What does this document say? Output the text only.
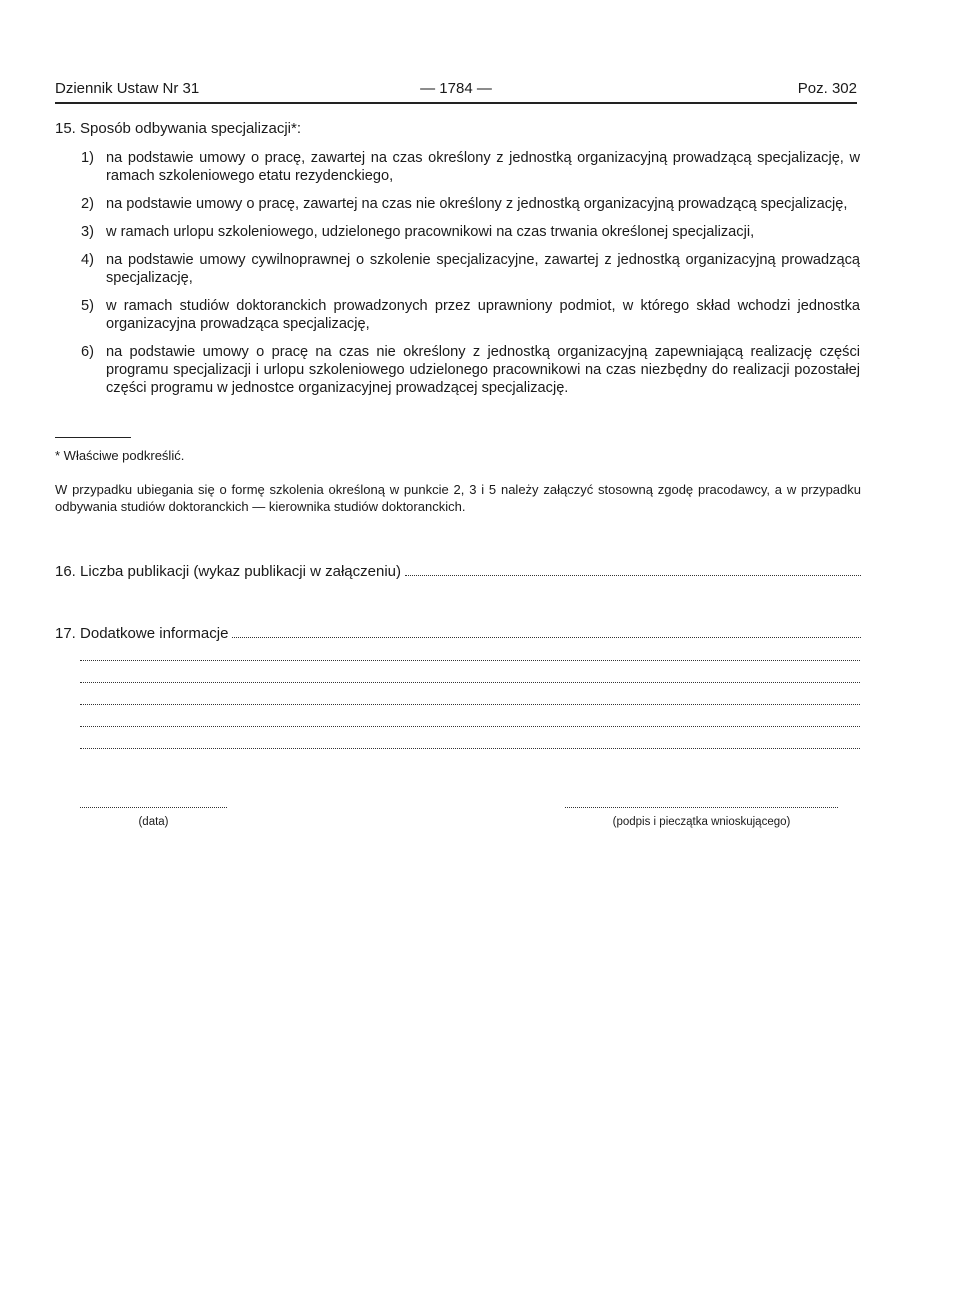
Dziennik Ustaw Nr 31	— 1784 —	Poz. 302
15. Sposób odbywania specjalizacji*:
1) na podstawie umowy o pracę, zawartej na czas określony z jednostką organizacyjną prowadzącą specjalizację, w ramach szkoleniowego etatu rezydenckiego,
2) na podstawie umowy o pracę, zawartej na czas nie określony z jednostką organizacyjną prowadzącą specjalizację,
3) w ramach urlopu szkoleniowego, udzielonego pracownikowi na czas trwania określonej specjalizacji,
4) na podstawie umowy cywilnoprawnej o szkolenie specjalizacyjne, zawartej z jednostką organizacyjną prowadzącą specjalizację,
5) w ramach studiów doktoranckich prowadzonych przez uprawniony podmiot, w którego skład wchodzi jednostka organizacyjna prowadząca specjalizację,
6) na podstawie umowy o pracę na czas nie określony z jednostką organizacyjną zapewniającą realizację części programu specjalizacji i urlopu szkoleniowego udzielonego pracownikowi na czas niezbędny do realizacji pozostałej części programu w jednostce organizacyjnej prowadzącej specjalizację.
* Właściwe podkreślić.
W przypadku ubiegania się o formę szkolenia określoną w punkcie 2, 3 i 5 należy załączyć stosowną zgodę pracodawcy, a w przypadku odbywania studiów doktoranckich — kierownika studiów doktoranckich.
16. Liczba publikacji (wykaz publikacji w załączeniu)
17. Dodatkowe informacje
(data)	(podpis i pieczątka wnioskującego)
